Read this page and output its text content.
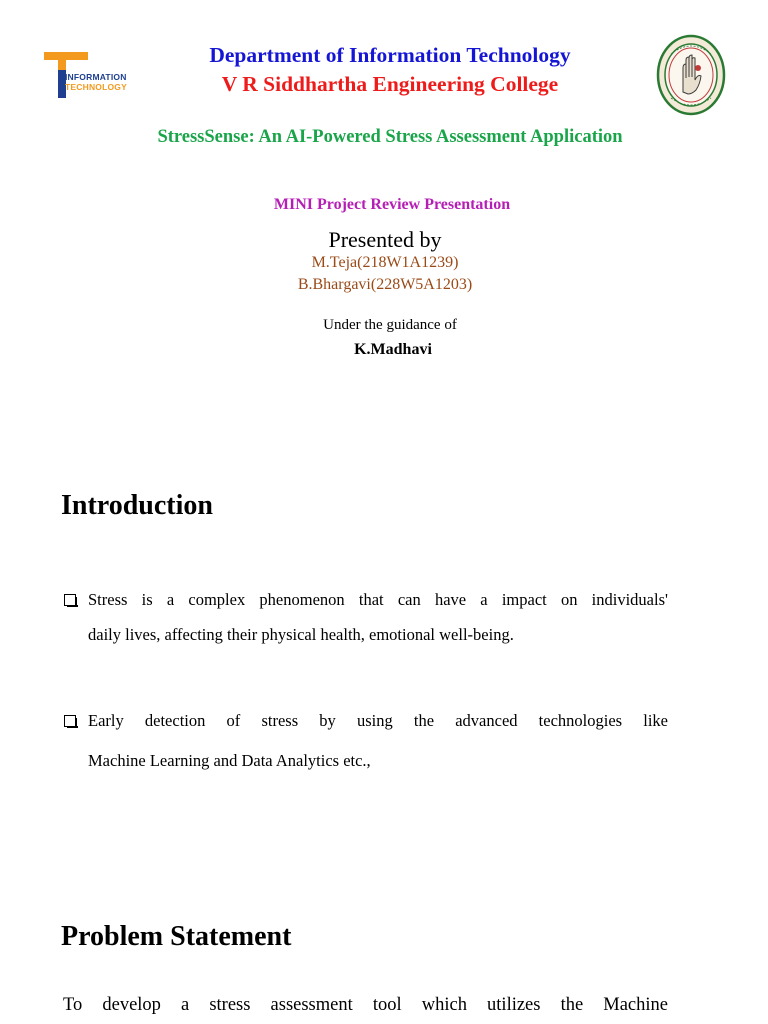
INFORMATION
TECHNOLOGY
Department of Information Technology
V R Siddhartha Engineering College
StressSense: An AI-Powered Stress Assessment Application
MINI Project Review Presentation
Presented by
M.Teja(218W1A1239)
B.Bhargavi(228W5A1203)
Under the guidance of
K.Madhavi
Introduction
Stress is a complex phenomenon that can have a impact on individuals'
daily lives, affecting their physical health, emotional well-being.
Early detection of stress by using the advanced technologies like
Machine Learning and Data Analytics etc.,
Problem Statement
To develop a stress assessment tool which utilizes the Machine
